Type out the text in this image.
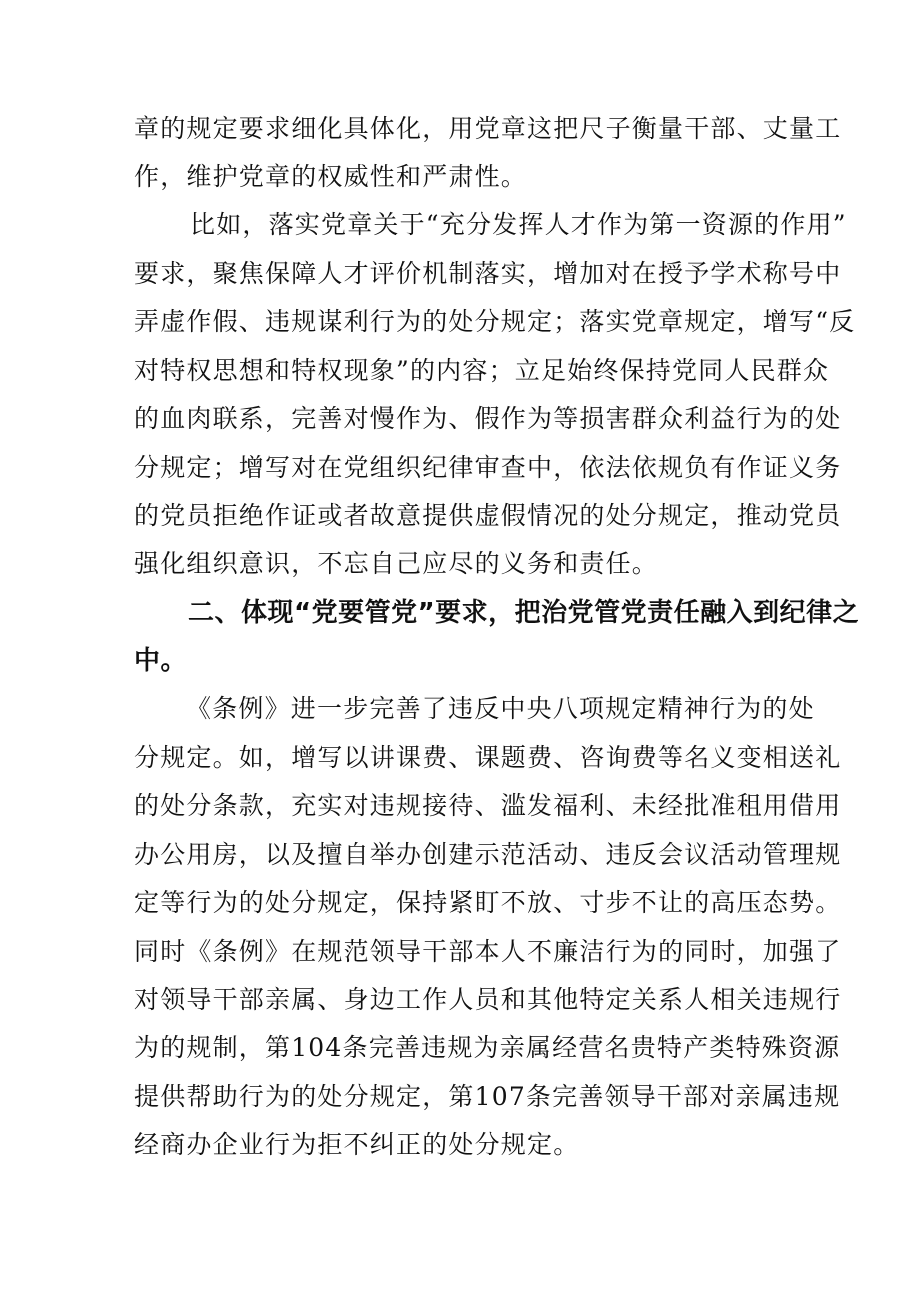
章的规定要求细化具体化，用党章这把尺子衡量干部、丈量工
作，维护党章的权威性和严肃性。
比如，落实党章关于“充分发挥人才作为第一资源的作用”
要求，聚焦保障人才评价机制落实，增加对在授予学术称号中
弄虚作假、违规谋利行为的处分规定；落实党章规定，增写“反
对特权思想和特权现象”的内容；立足始终保持党同人民群众
的血肉联系，完善对慢作为、假作为等损害群众利益行为的处
分规定；增写对在党组织纪律审查中，依法依规负有作证义务
的党员拒绝作证或者故意提供虚假情况的处分规定，推动党员
强化组织意识，不忘自己应尽的义务和责任。
二、体现“党要管党”要求，把治党管党责任融入到纪律之
中。
《条例》进一步完善了违反中央八项规定精神行为的处
分规定。如，增写以讲课费、课题费、咨询费等名义变相送礼
的处分条款，充实对违规接待、滥发福利、未经批准租用借用
办公用房，以及擅自举办创建示范活动、违反会议活动管理规
定等行为的处分规定，保持紧盯不放、寸步不让的高压态势。
同时《条例》在规范领导干部本人不廉洁行为的同时，加强了
对领导干部亲属、身边工作人员和其他特定关系人相关违规行
为的规制，第104条完善违规为亲属经营名贵特产类特殊资源
提供帮助行为的处分规定，第107条完善领导干部对亲属违规
经商办企业行为拒不纠正的处分规定。
